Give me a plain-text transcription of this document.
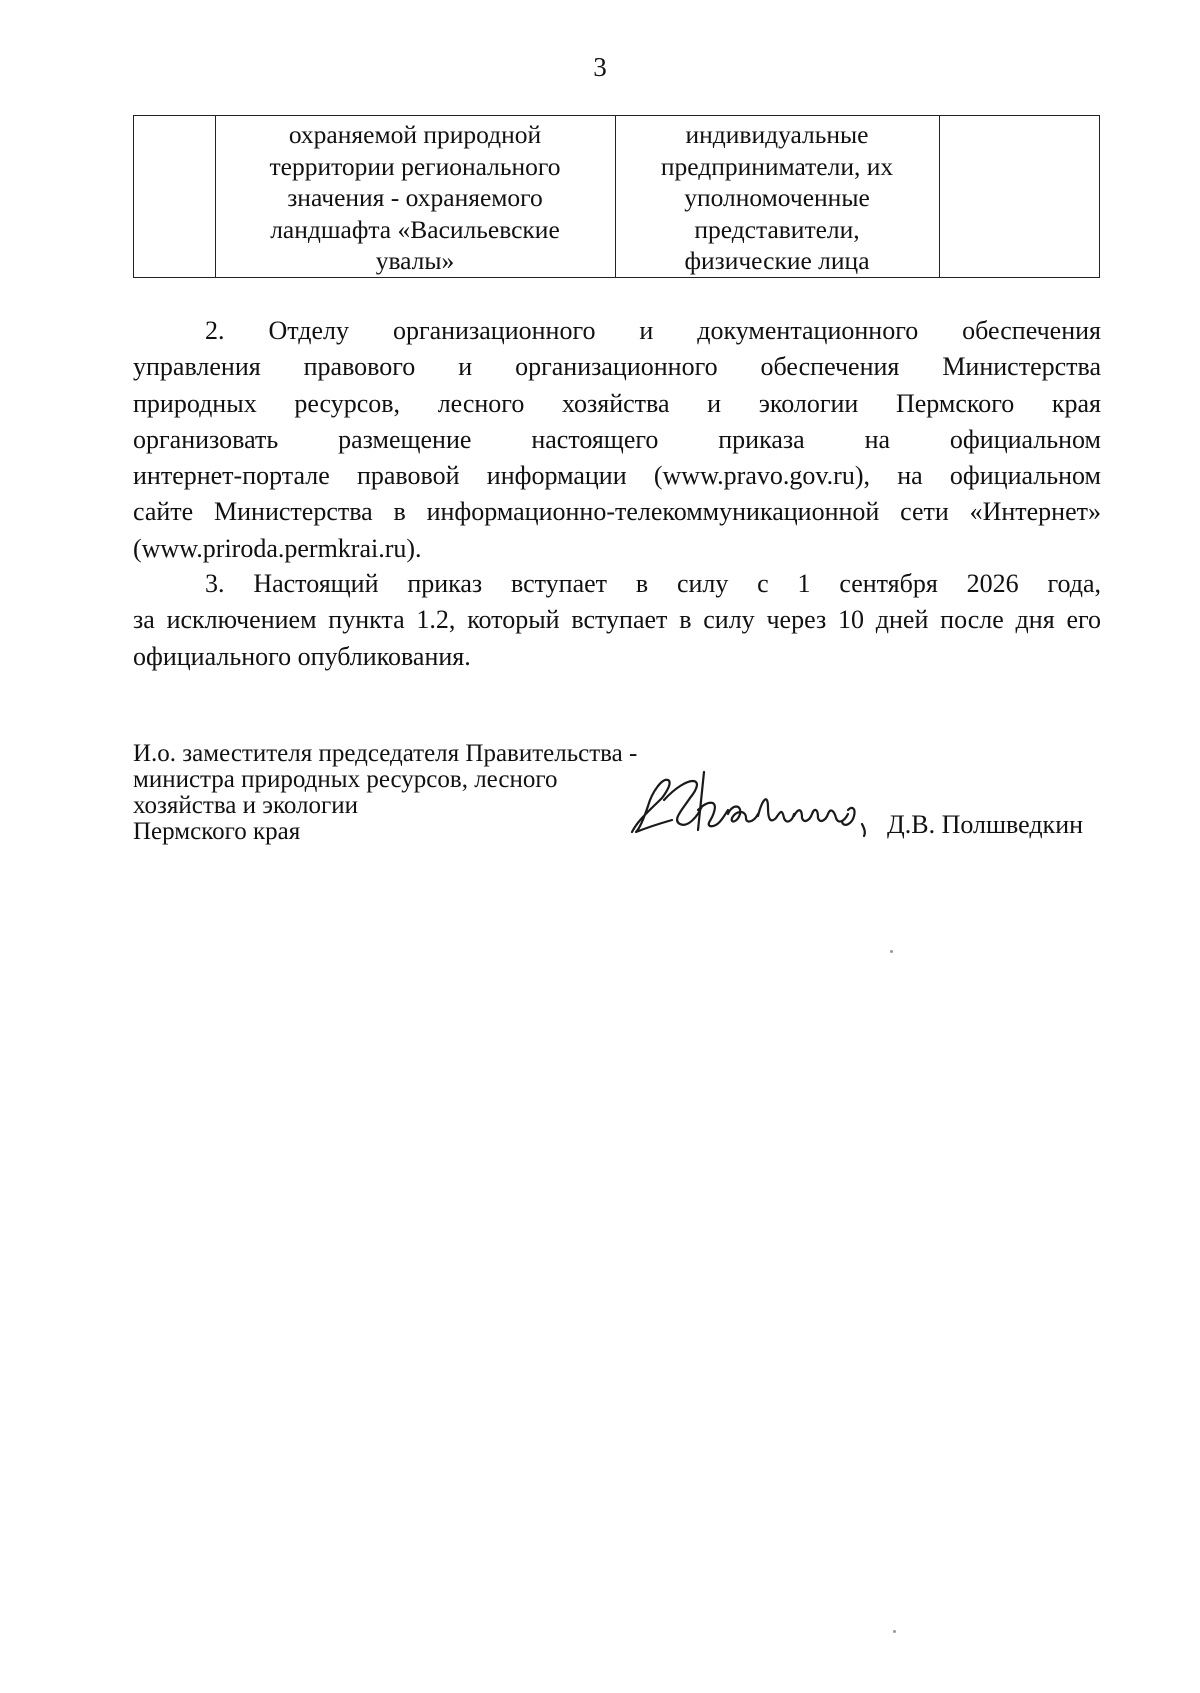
3
охраняемой природной
территории регионального
значения - охраняемого
ландшафта «Васильевские
увалы»
индивидуальные
предприниматели, их
уполномоченные
представители,
физические лица
2. Отделу организационного и документационного обеспечения
управления правового и организационного обеспечения Министерства
природных ресурсов, лесного хозяйства и экологии Пермского края
организовать размещение настоящего приказа на официальном
интернет-портале правовой информации (www.pravo.gov.ru), на официальном
сайте Министерства в информационно-телекоммуникационной сети «Интернет»
(www.priroda.permkrai.ru).
3. Настоящий приказ вступает в силу с 1 сентября 2026 года,
за исключением пункта 1.2, который вступает в силу через 10 дней после дня его
официального опубликования.
И.о. заместителя председателя Правительства -
министра природных ресурсов, лесного
хозяйства и экологии
Пермского края	Д.В. Полшведкин
